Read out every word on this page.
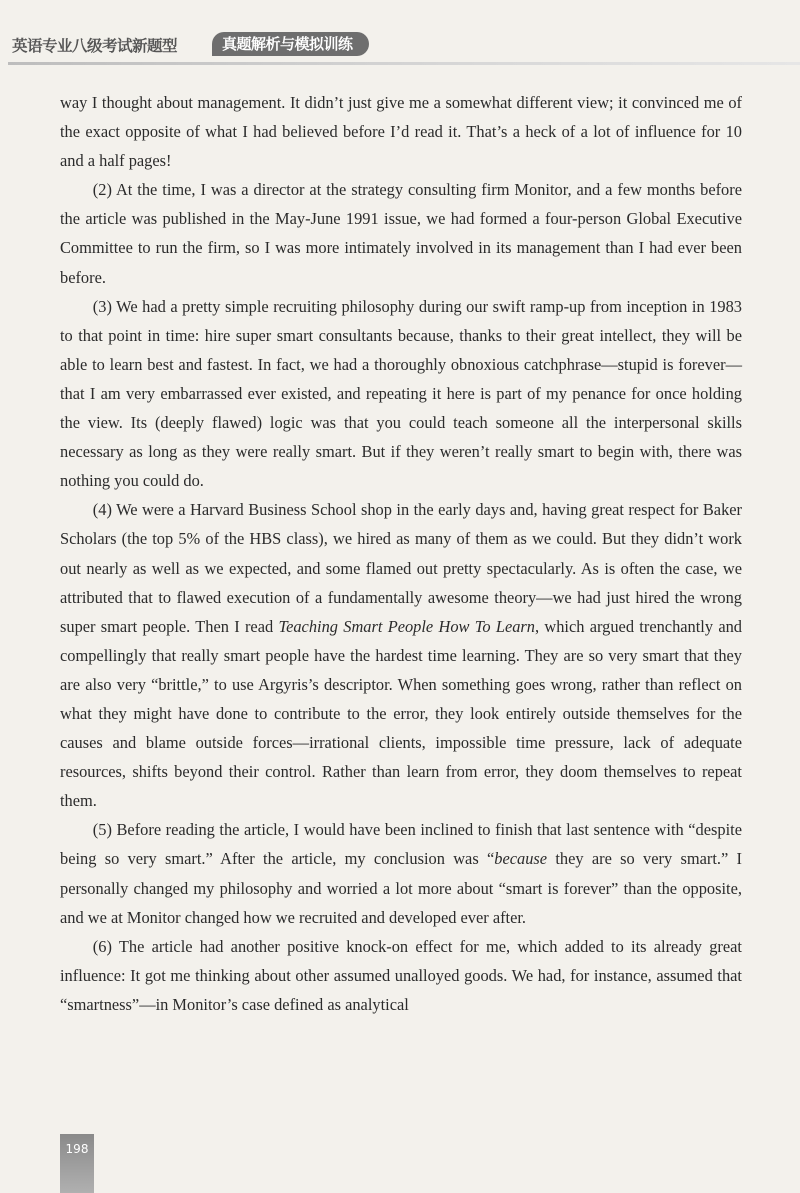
英语专业八级考试新题型	真题解析与模拟训练

way I thought about management. It didn’t just give me a somewhat different view; it convinced me of the exact opposite of what I had believed before I’d read it. That’s a heck of a lot of influence for 10 and a half pages!

(2) At the time, I was a director at the strategy consulting firm Monitor, and a few months before the article was published in the May-June 1991 issue, we had formed a four-person Global Executive Committee to run the firm, so I was more intimately involved in its management than I had ever been before.

(3) We had a pretty simple recruiting philosophy during our swift ramp-up from inception in 1983 to that point in time: hire super smart consultants because, thanks to their great intellect, they will be able to learn best and fastest. In fact, we had a thoroughly obnoxious catchphrase—stupid is forever—that I am very embarrassed ever existed, and repeating it here is part of my penance for once holding the view. Its (deeply flawed) logic was that you could teach someone all the interpersonal skills necessary as long as they were really smart. But if they weren’t really smart to begin with, there was nothing you could do.

(4) We were a Harvard Business School shop in the early days and, having great respect for Baker Scholars (the top 5% of the HBS class), we hired as many of them as we could. But they didn’t work out nearly as well as we expected, and some flamed out pretty spectacularly. As is often the case, we attributed that to flawed execution of a fundamentally awesome theory—we had just hired the wrong super smart people. Then I read Teaching Smart People How To Learn, which argued trenchantly and compellingly that really smart people have the hardest time learning. They are so very smart that they are also very “brittle,” to use Argyris’s descriptor. When something goes wrong, rather than reflect on what they might have done to contribute to the error, they look entirely outside themselves for the causes and blame outside forces—irrational clients, impossible time pressure, lack of adequate resources, shifts beyond their control. Rather than learn from error, they doom themselves to repeat them.

(5) Before reading the article, I would have been inclined to finish that last sentence with “despite being so very smart.” After the article, my conclusion was “because they are so very smart.” I personally changed my philosophy and worried a lot more about “smart is forever” than the opposite, and we at Monitor changed how we recruited and developed ever after.

(6) The article had another positive knock-on effect for me, which added to its already great influence: It got me thinking about other assumed unalloyed goods. We had, for instance, assumed that “smartness”—in Monitor’s case defined as analytical

198
